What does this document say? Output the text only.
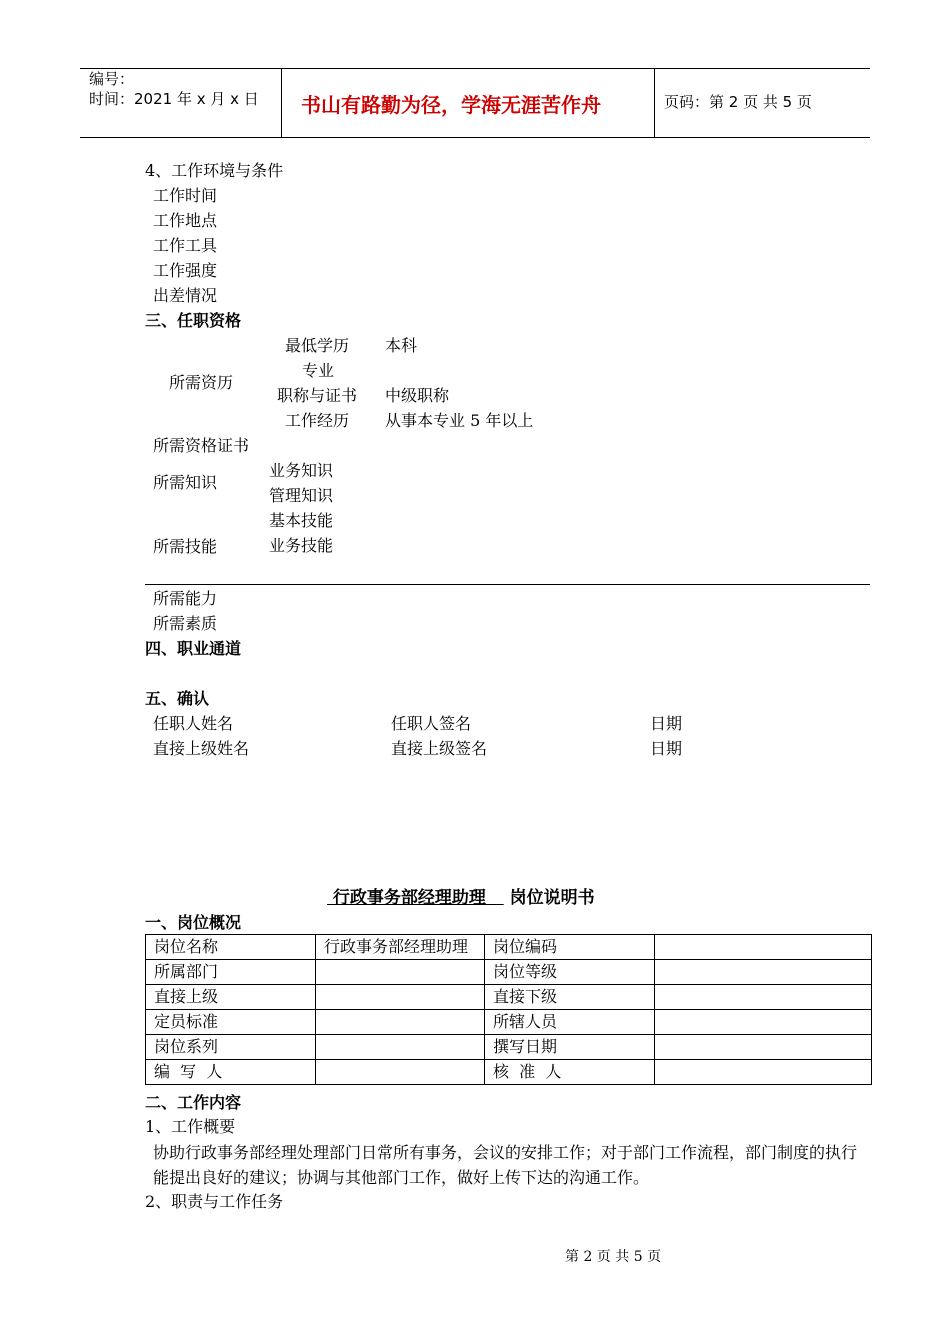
编号：
时间：2021 年 x 月 x 日 书山有路勤为径，学海无涯苦作舟	页码：第 2 页 共 5 页
4、工作环境与条件
工作时间
工作地点
工作工具
工作强度
出差情况
三、任职资格
所需资历
最低学历 本科
专业
职称与证书 中级职称
工作经历 从事本专业 5 年以上
所需资格证书
所需知识
业务知识
管理知识
所需技能
基本技能
业务技能
所需能力
所需素质
四、职业通道
五、确认
任职人姓名	任职人签名	日期
直接上级姓名	直接上级签名	日期
行政事务部经理助理 岗位说明书
一、岗位概况
岗位名称	行政事务部经理助理	岗位编码	
所属部门		岗位等级	
直接上级		直接下级	
定员标准		所辖人员	
岗位系列		撰写日期	
编  写  人		核  准  人	
二、工作内容
1、工作概要
协助行政事务部经理处理部门日常所有事务，会议的安排工作；对于部门工作流程，部门制度的执行能提出良好的建议；协调与其他部门工作，做好上传下达的沟通工作。
2、职责与工作任务
第 2 页 共 5 页
